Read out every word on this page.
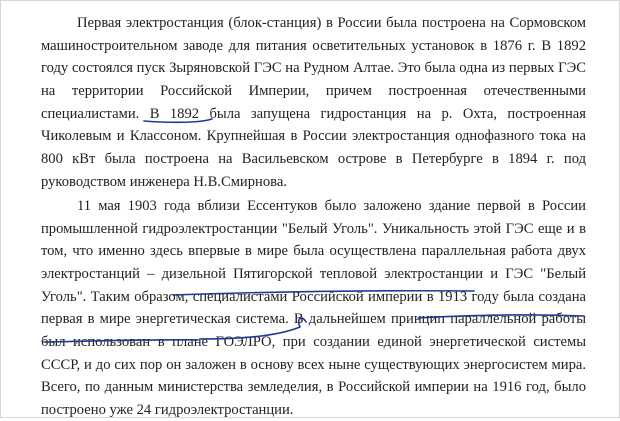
Первая электростанция (блок-станция) в России была построена на Сормовском
машиностроительном заводе для питания осветительных установок в 1876 г. В 1892
году состоялся пуск Зыряновской ГЭС на Рудном Алтае. Это была одна из первых ГЭС
на территории Российской Империи, причем построенная отечественными
специалистами. В 1892 была запущена гидростанция на р. Охта, построенная
Чиколевым и Классоном. Крупнейшая в России электростанция однофазного тока на
800 кВт была построена на Васильевском острове в Петербурге в 1894 г. под
руководством инженера Н.В.Смирнова.
11 мая 1903 года вблизи Ессентуков было заложено здание первой в России
промышленной гидроэлектростанции "Белый Уголь". Уникальность этой ГЭС еще и в
том, что именно здесь впервые в мире была осуществлена параллельная работа двух
электростанций – дизельной Пятигорской тепловой электростанции и ГЭС "Белый
Уголь". Таким образом, специалистами Российской империи в 1913 году была создана
первая в мире энергетическая система. В дальнейшем принцип параллельной работы
был использован в плане ГОЭЛРО, при создании единой энергетической системы
СССР, и до сих пор он заложен в основу всех ныне существующих энергосистем мира.
Всего, по данным министерства земледелия, в Российской империи на 1916 год, было
построено уже 24 гидроэлектростанции.
